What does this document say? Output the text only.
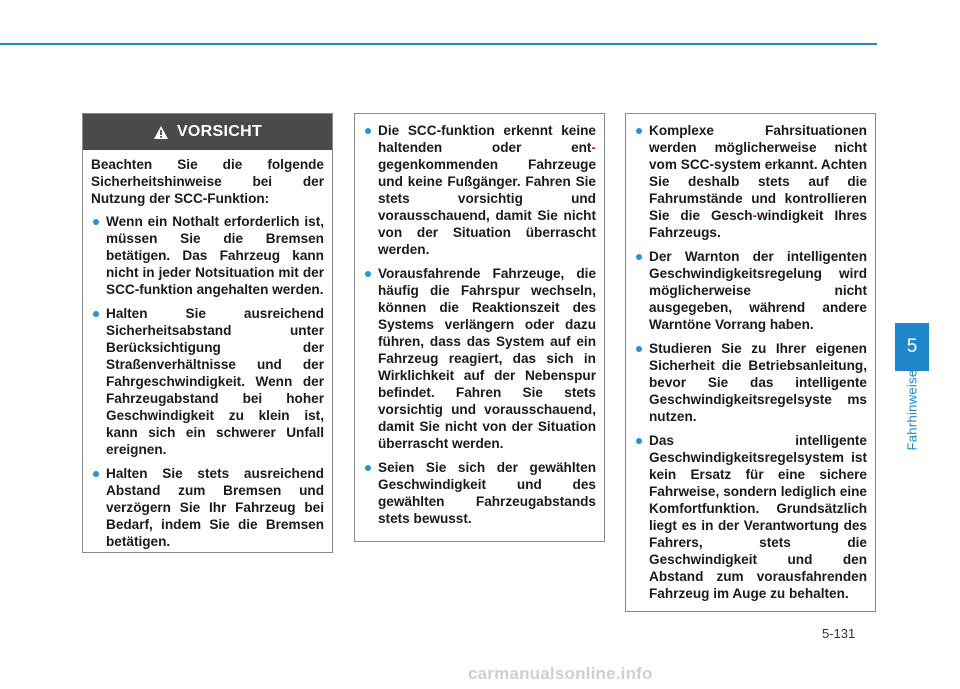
VORSICHT

Beachten Sie die folgende Sicherheitshinweise bei der Nutzung der SCC-Funktion:

Wenn ein Nothalt erforderlich ist, müssen Sie die Bremsen betätigen. Das Fahrzeug kann nicht in jeder Notsituation mit der SCC-funktion angehalten werden.
Halten Sie ausreichend Sicherheitsabstand unter Berücksichtigung der Straßenverhältnisse und der Fahrgeschwindigkeit. Wenn der Fahrzeugabstand bei hoher Geschwindigkeit zu klein ist, kann sich ein schwerer Unfall ereignen.
Halten Sie stets ausreichend Abstand zum Bremsen und verzögern Sie Ihr Fahrzeug bei Bedarf, indem Sie die Bremsen betätigen.
Die SCC-funktion erkennt keine haltenden oder ent-gegenkommenden Fahrzeuge und keine Fußgänger. Fahren Sie stets vorsichtig und vorausschauend, damit Sie nicht von der Situation überrascht werden.
Vorausfahrende Fahrzeuge, die häufig die Fahrspur wechseln, können die Reaktionszeit des Systems verlängern oder dazu führen, dass das System auf ein Fahrzeug reagiert, das sich in Wirklichkeit auf der Nebenspur befindet. Fahren Sie stets vorsichtig und vorausschauend, damit Sie nicht von der Situation überrascht werden.
Seien Sie sich der gewählten Geschwindigkeit und des gewählten Fahrzeugabstands stets bewusst.
Komplexe Fahrsituationen werden möglicherweise nicht vom SCC-system erkannt. Achten Sie deshalb stets auf die Fahrumstände und kontrollieren Sie die Gesch-windigkeit Ihres Fahrzeugs.
Der Warnton der intelligenten Geschwindigkeitsregelung wird möglicherweise nicht ausgegeben, während andere Warntöne Vorrang haben.
Studieren Sie zu Ihrer eigenen Sicherheit die Betriebsanleitung, bevor Sie das intelligente Geschwindigkeitsregelsyste ms nutzen.
Das intelligente Geschwindigkeitsregelsystem ist kein Ersatz für eine sichere Fahrweise, sondern lediglich eine Komfortfunktion. Grundsätzlich liegt es in der Verantwortung des Fahrers, stets die Geschwindigkeit und den Abstand zum vorausfahrenden Fahrzeug im Auge zu behalten.
5
Fahrhinweise
5-131
carmanualsonline.info
